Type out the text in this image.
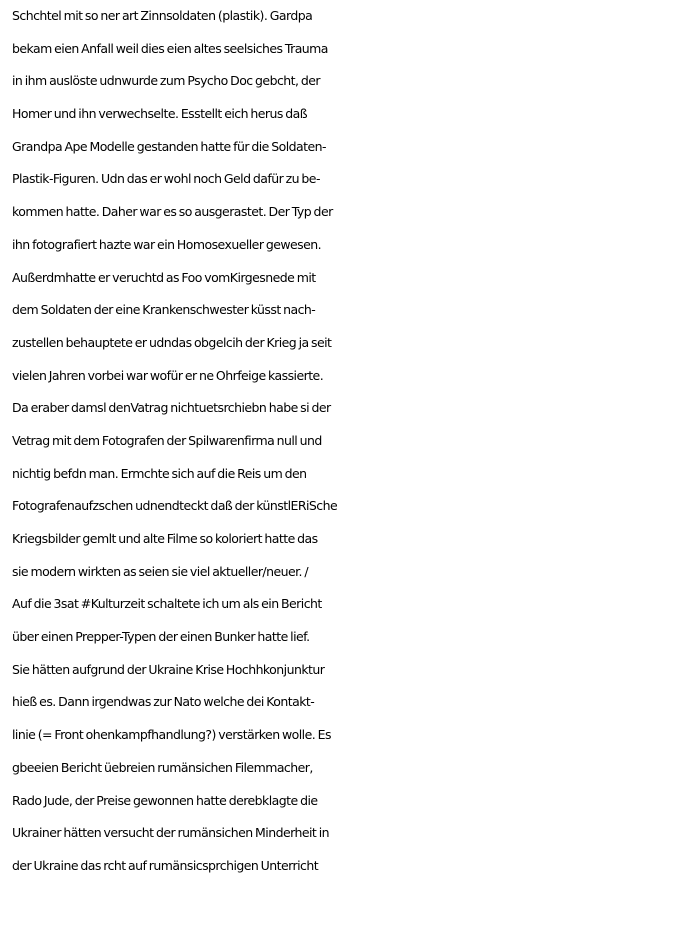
Schchtel mit so ner art Zinnsoldaten (plastik). Gardpa
bekam eien Anfall weil dies eien altes seelsiches Trauma
in ihm auslöste udnwurde zum Psycho Doc gebcht, der
Homer und ihn verwechselte. Esstellt eich herus daß
Grandpa Ape Modelle gestanden hatte für die Soldaten-
Plastik-Figuren. Udn das er wohl noch Geld dafür zu be-
kommen hatte. Daher war es so ausgerastet. Der Typ der
ihn fotografiert hazte war ein Homosexueller gewesen.
Außerdmhatte er veruchtd as Foo vomKirgesnede mit
dem Soldaten der eine Krankenschwester küsst nach-
zustellen behauptete er udndas obgelcih der Krieg ja seit
vielen Jahren vorbei war wofür er ne Ohrfeige kassierte.
Da eraber damsl denVatrag nichtuetsrchiebn habe si der
Vetrag mit dem Fotografen der Spilwarenfirma null und
nichtig befdn man. Ermchte sich auf die Reis um den
Fotografenaufzschen udnendteckt daß der künstlERiSche
Kriegsbilder gemlt und alte Filme so koloriert hatte das
sie modern wirkten as seien sie viel aktueller/neuer. /
Auf die 3sat #Kulturzeit schaltete ich um als ein Bericht
über einen Prepper-Typen der einen Bunker hatte lief.
Sie hätten aufgrund der Ukraine Krise Hochhkonjunktur
hieß es. Dann irgendwas zur Nato welche dei Kontakt-
linie (= Front ohenkampfhandlung?) verstärken wolle. Es
gbeeien Bericht üebreien rumänsichen Filemmacher,
Rado Jude, der Preise gewonnen hatte derebklagte die
Ukrainer hätten versucht der rumänsichen Minderheit in
der Ukraine das rcht auf rumänsicsprchigen Unterricht
